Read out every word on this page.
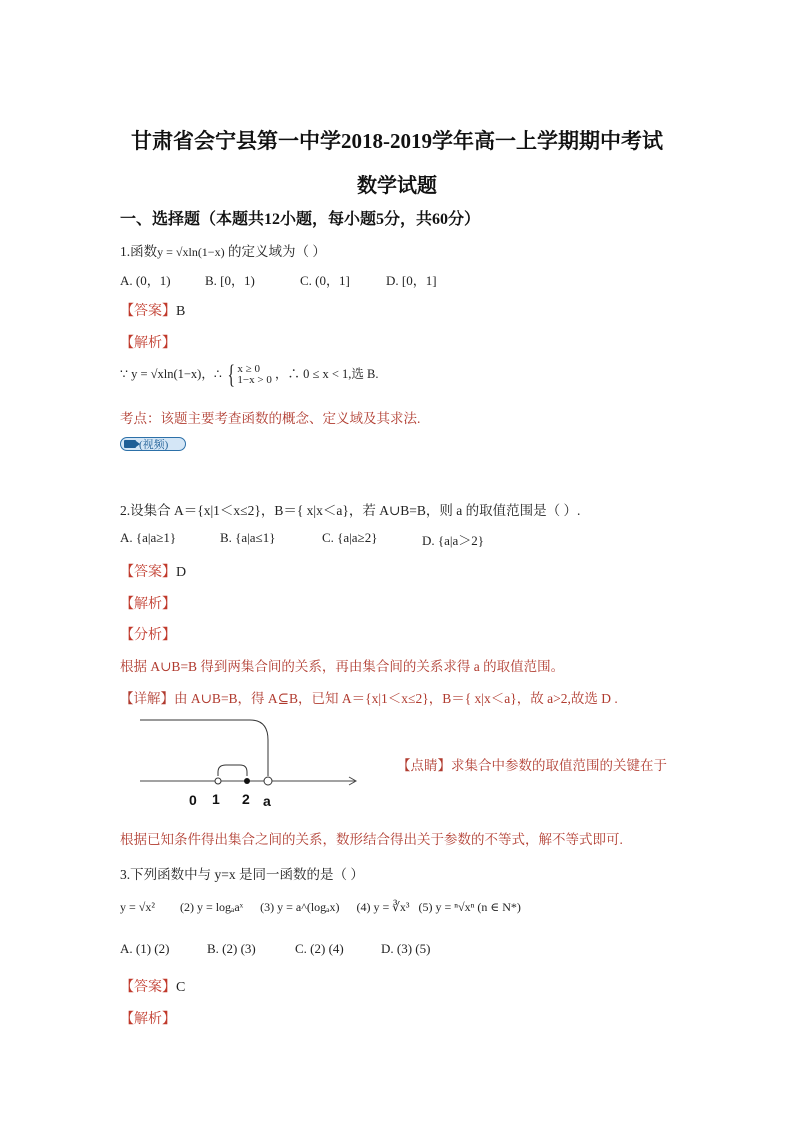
甘肃省会宁县第一中学2018-2019学年高一上学期期中考试
数学试题
一、选择题（本题共12小题，每小题5分，共60分）
1.函数y = √xln(1−x) 的定义域为（ ）
A. (0，1)	B. [0，1)	C. (0，1]	D. [0，1]
【答案】B
【解析】
∵ y = √xln(1−x)，∴ { x ≥ 0
1−x > 0 ，∴ 0 ≤ x < 1,选 B.
考点：该题主要考查函数的概念、定义域及其求法.
(视频)
2.设集合 A＝{x|1＜x≤2}，B＝{ x|x＜a}，若 A∪B=B，则 a 的取值范围是（ ）.
A. {a|a≥1}	B. {a|a≤1}	C. {a|a≥2}	D. {a|a＞2}
【答案】D
【解析】
【分析】
根据 A∪B=B 得到两集合间的关系，再由集合间的关系求得 a 的取值范围。
【详解】由 A∪B=B，得 A⊆B，已知 A＝{x|1＜x≤2}，B＝{ x|x＜a}，故 a>2,故选 D .
0 1 2 a
【点睛】求集合中参数的取值范围的关键在于
根据已知条件得出集合之间的关系，数形结合得出关于参数的不等式，解不等式即可.
3.下列函数中与 y=x 是同一函数的是（ ）
y = √x² (2) y = logₐaˣ (3) y = a^(logₐx) (4) y = ∛x³ (5) y = ⁿ√xⁿ (n ∈ N*)
A. (1) (2)	B. (2) (3)	C. (2) (4)	D. (3) (5)
【答案】C
【解析】
